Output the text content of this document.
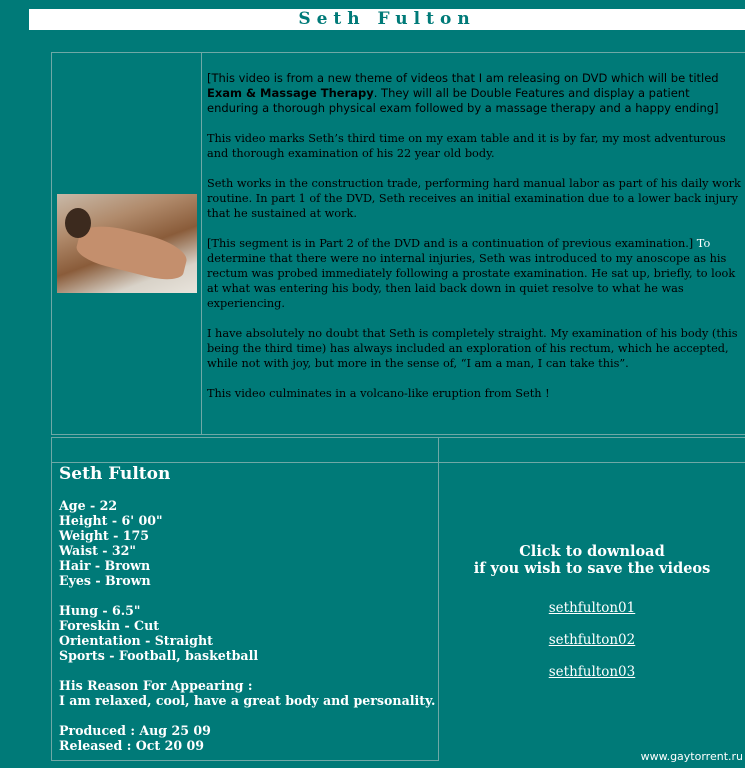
Seth Fulton

[This video is from a new theme of videos that I am releasing on DVD which will be titled Exam & Massage Therapy. They will all be Double Features and display a patient enduring a thorough physical exam followed by a massage therapy and a happy ending]

This video marks Seth’s third time on my exam table and it is by far, my most adventurous and thorough examination of his 22 year old body.

Seth works in the construction trade, performing hard manual labor as part of his daily work routine. In part 1 of the DVD, Seth receives an initial examination due to a lower back injury that he sustained at work.

[This segment is in Part 2 of the DVD and is a continuation of previous examination.] To determine that there were no internal injuries, Seth was introduced to my anoscope as his rectum was probed immediately following a prostate examination. He sat up, briefly, to look at what was entering his body, then laid back down in quiet resolve to what he was experiencing.

I have absolutely no doubt that Seth is completely straight. My examination of his body (this being the third time) has always included an exploration of his rectum, which he accepted, while not with joy, but more in the sense of, “I am a man, I can take this”.

This video culminates in a volcano-like eruption from Seth !

Seth Fulton
Age - 22
Height - 6' 00"
Weight - 175
Waist - 32"
Hair - Brown
Eyes - Brown
Hung - 6.5"
Foreskin - Cut
Orientation - Straight
Sports - Football, basketball
His Reason For Appearing :
I am relaxed, cool, have a great body and personality.
Produced : Aug 25 09
Released : Oct 20 09
Click to download
if you wish to save the videos
sethfulton01
sethfulton02
sethfulton03
www.gaytorrent.ru
